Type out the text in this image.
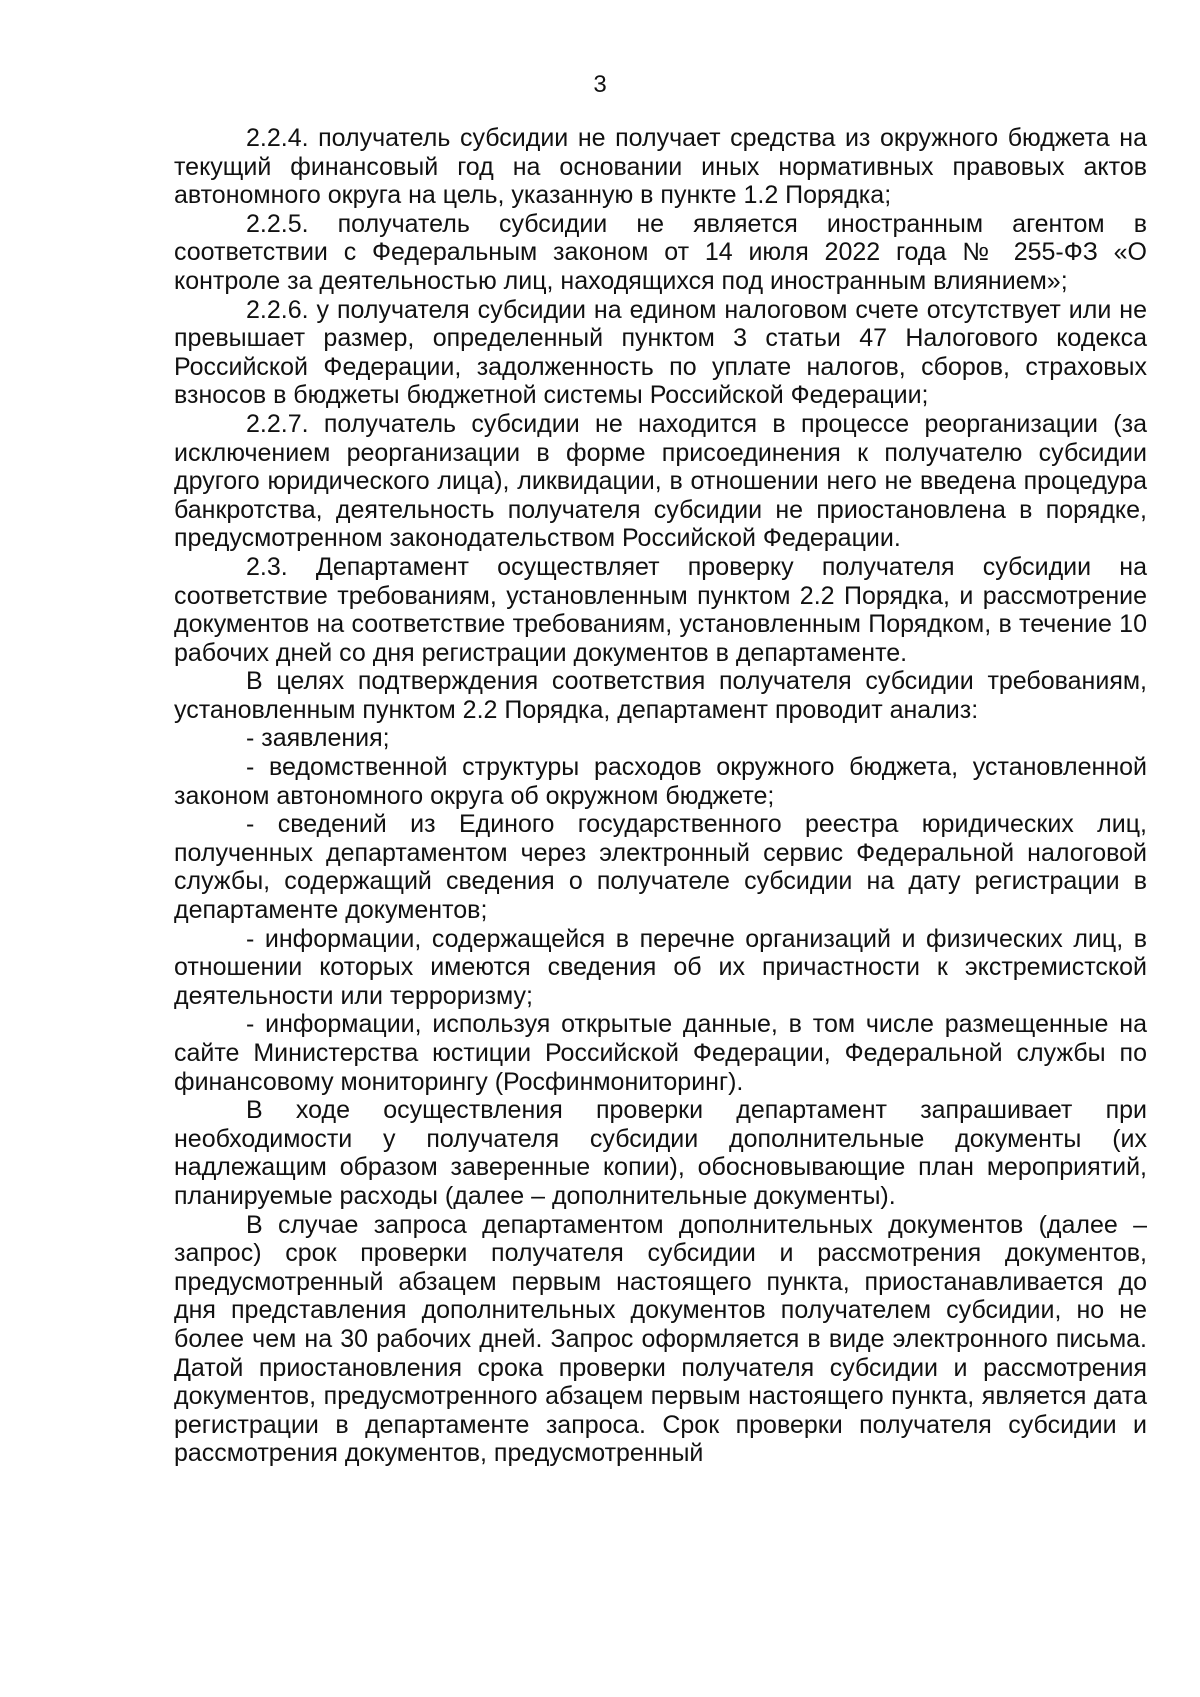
3

2.2.4. получатель субсидии не получает средства из окружного бюджета на текущий финансовый год на основании иных нормативных правовых актов автономного округа на цель, указанную в пункте 1.2 Порядка;

2.2.5. получатель субсидии не является иностранным агентом в соответствии с Федеральным законом от 14 июля 2022 года № 255-ФЗ «О контроле за деятельностью лиц, находящихся под иностранным влиянием»;

2.2.6. у получателя субсидии на едином налоговом счете отсутствует или не превышает размер, определенный пунктом 3 статьи 47 Налогового кодекса Российской Федерации, задолженность по уплате налогов, сборов, страховых взносов в бюджеты бюджетной системы Российской Федерации;

2.2.7. получатель субсидии не находится в процессе реорганизации (за исключением реорганизации в форме присоединения к получателю субсидии другого юридического лица), ликвидации, в отношении него не введена процедура банкротства, деятельность получателя субсидии не приостановлена в порядке, предусмотренном законодательством Российской Федерации.

2.3. Департамент осуществляет проверку получателя субсидии на соответствие требованиям, установленным пунктом 2.2 Порядка, и рассмотрение документов на соответствие требованиям, установленным Порядком, в течение 10 рабочих дней со дня регистрации документов в департаменте.

В целях подтверждения соответствия получателя субсидии требованиям, установленным пунктом 2.2 Порядка, департамент проводит анализ:

- заявления;

- ведомственной структуры расходов окружного бюджета, установленной законом автономного округа об окружном бюджете;

- сведений из Единого государственного реестра юридических лиц, полученных департаментом через электронный сервис Федеральной налоговой службы, содержащий сведения о получателе субсидии на дату регистрации в департаменте документов;

- информации, содержащейся в перечне организаций и физических лиц, в отношении которых имеются сведения об их причастности к экстремистской деятельности или терроризму;

- информации, используя открытые данные, в том числе размещенные на сайте Министерства юстиции Российской Федерации, Федеральной службы по финансовому мониторингу (Росфинмониторинг).

В ходе осуществления проверки департамент запрашивает при необходимости у получателя субсидии дополнительные документы (их надлежащим образом заверенные копии), обосновывающие план мероприятий, планируемые расходы (далее – дополнительные документы).

В случае запроса департаментом дополнительных документов (далее – запрос) срок проверки получателя субсидии и рассмотрения документов, предусмотренный абзацем первым настоящего пункта, приостанавливается до дня представления дополнительных документов получателем субсидии, но не более чем на 30 рабочих дней. Запрос оформляется в виде электронного письма. Датой приостановления срока проверки получателя субсидии и рассмотрения документов, предусмотренного абзацем первым настоящего пункта, является дата регистрации в департаменте запроса. Срок проверки получателя субсидии и рассмотрения документов, предусмотренный
